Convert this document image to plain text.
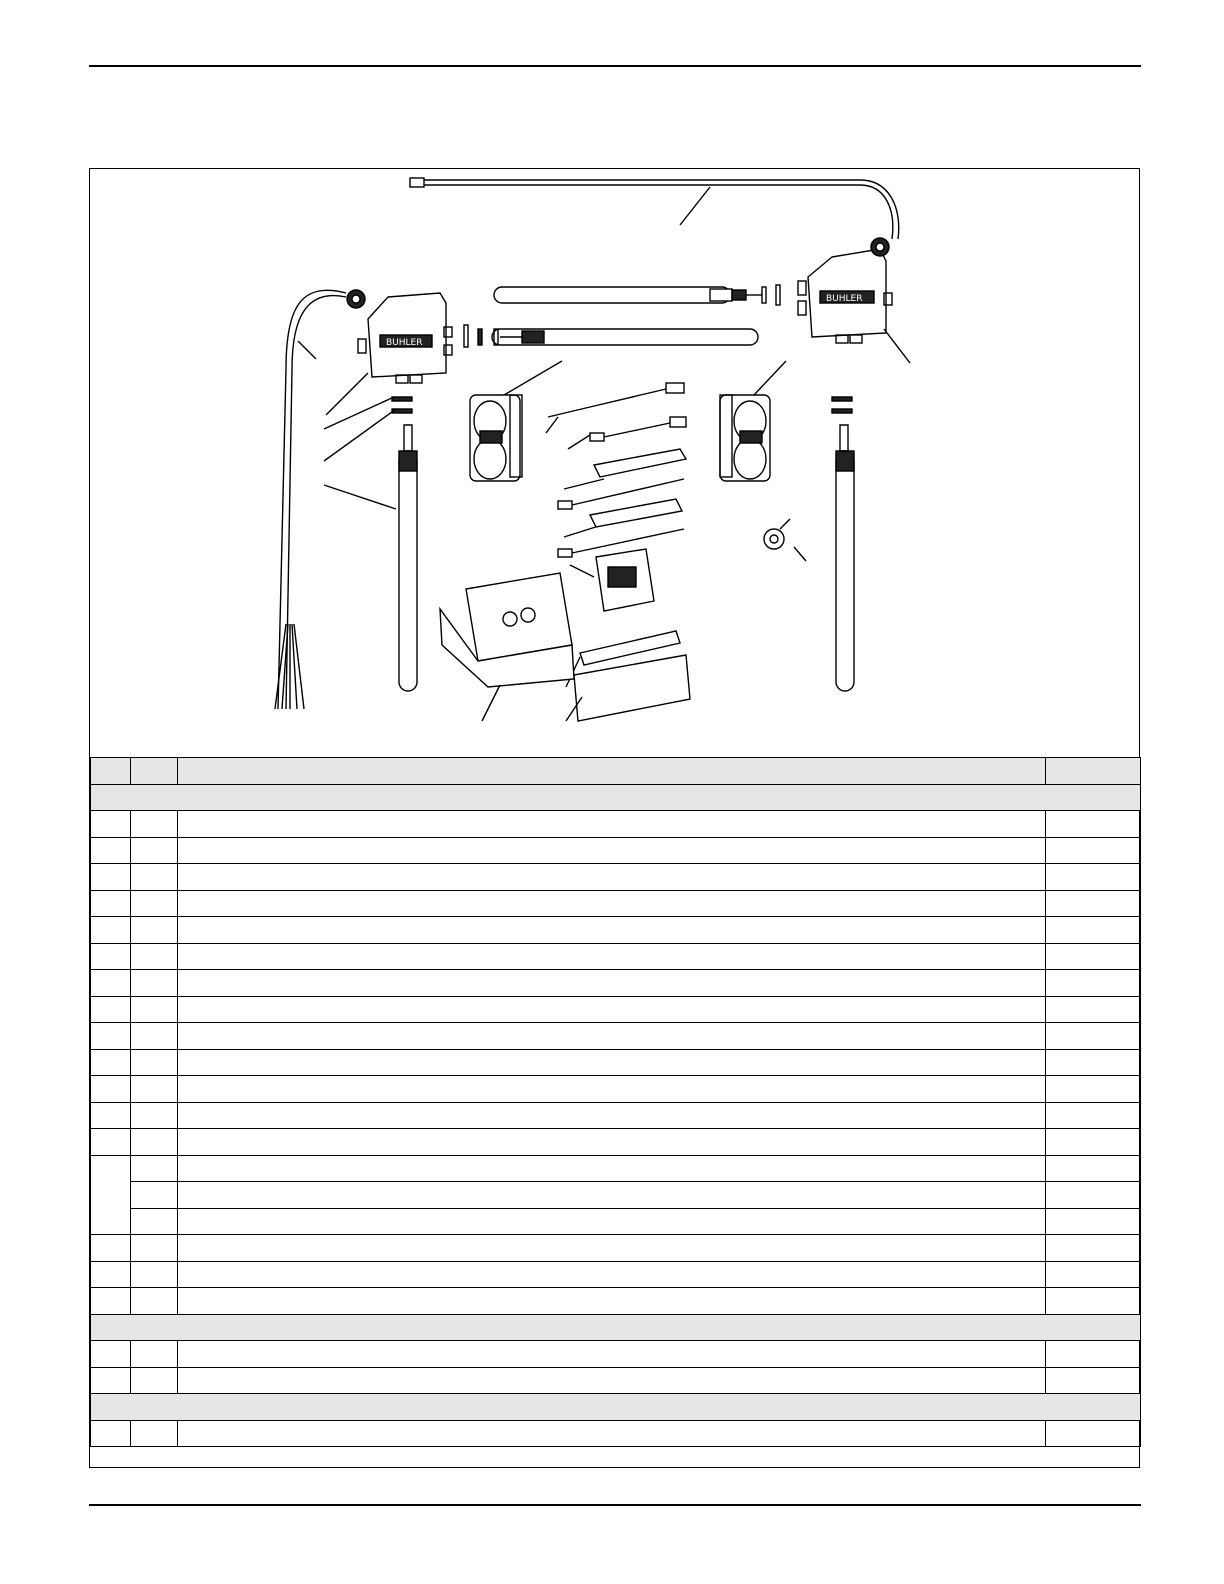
BUHLER
BUHLER
